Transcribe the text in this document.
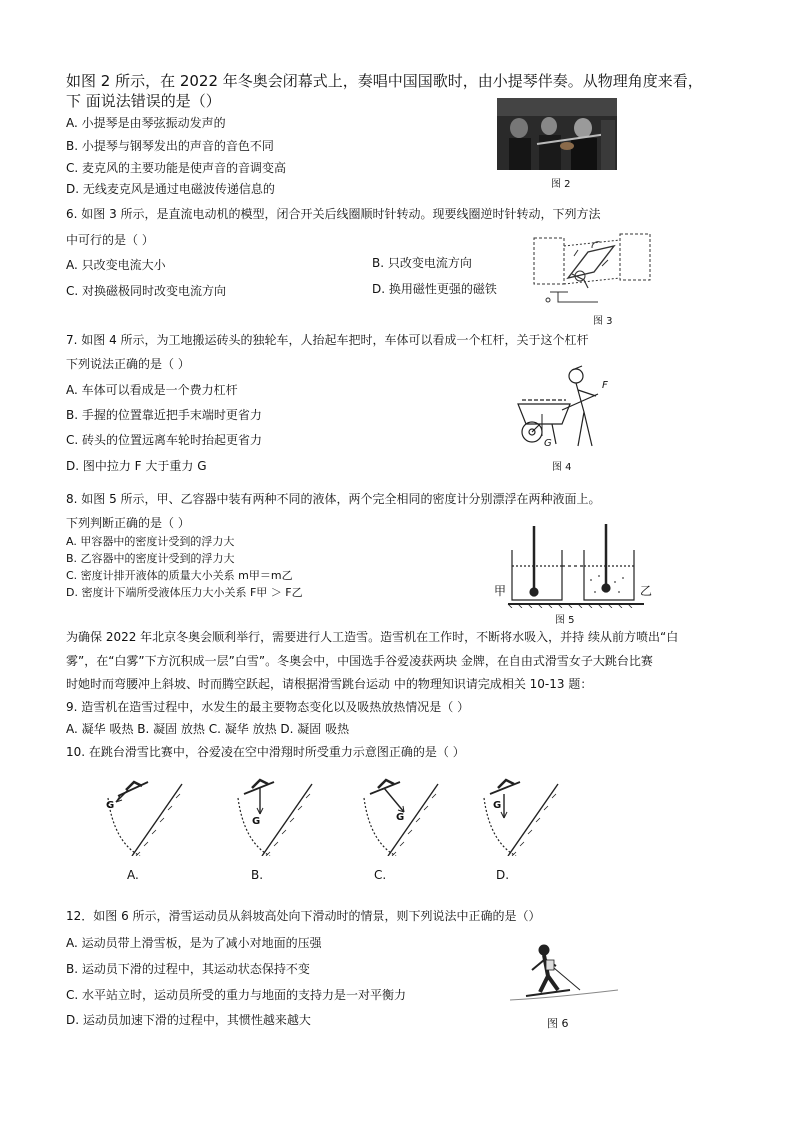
如图 2 所示，在 2022 年冬奥会闭幕式上，奏唱中国国歌时，由小提琴伴奏。从物理角度来看，
下 面说法错误的是（）
A. 小提琴是由琴弦振动发声的
B. 小提琴与钢琴发出的声音的音色不同
C. 麦克风的主要功能是使声音的音调变高
D. 无线麦克风是通过电磁波传递信息的	图 2
6. 如图 3 所示，是直流电动机的模型，闭合开关后线圈顺时针转动。现要线圈逆时针转动，下列方法
中可行的是（ ）
A. 只改变电流大小	B. 只改变电流方向
C. 对换磁极同时改变电流方向	D. 换用磁性更强的磁铁
图 3
7. 如图 4 所示，为工地搬运砖头的独轮车，人抬起车把时，车体可以看成一个杠杆，关于这个杠杆
下列说法正确的是（ ）
A. 车体可以看成是一个费力杠杆
B. 手握的位置靠近把手末端时更省力
C. 砖头的位置远离车轮时抬起更省力
D. 图中拉力 F 大于重力 G
F
G
图 4
8. 如图 5 所示，甲、乙容器中装有两种不同的液体，两个完全相同的密度计分别漂浮在两种液面上。
下列判断正确的是（ ）
A. 甲容器中的密度计受到的浮力大
B. 乙容器中的密度计受到的浮力大
C. 密度计排开液体的质量大小关系 m甲＝m乙
D. 密度计下端所受液体压力大小关系 F甲 ＞ F乙	甲	乙
图 5
为确保 2022 年北京冬奥会顺利举行，需要进行人工造雪。造雪机在工作时，不断将水吸入，并持 续从前方喷出“白
雾”，在“白雾”下方沉积成一层”白雪”。冬奥会中，中国选手谷爱凌获两块 金牌，在自由式滑雪女子大跳台比赛
时她时而弯腰冲上斜坡、时而腾空跃起，请根据滑雪跳台运动 中的物理知识请完成相关 10-13 题：
9. 造雪机在造雪过程中，水发生的最主要物态变化以及吸热放热情况是（ ）
A. 凝华 吸热 B. 凝固 放热 C. 凝华 放热 D. 凝固 吸热
10. 在跳台滑雪比赛中，谷爱凌在空中滑翔时所受重力示意图正确的是（ ）
G
A.
G
B.
G
C.
G
D.
12．如图 6 所示，滑雪运动员从斜坡高处向下滑动时的情景，则下列说法中正确的是（）
A. 运动员带上滑雪板，是为了减小对地面的压强
B. 运动员下滑的过程中，其运动状态保持不变
C. 水平站立时，运动员所受的重力与地面的支持力是一对平衡力
D. 运动员加速下滑的过程中，其惯性越来越大	图 6
